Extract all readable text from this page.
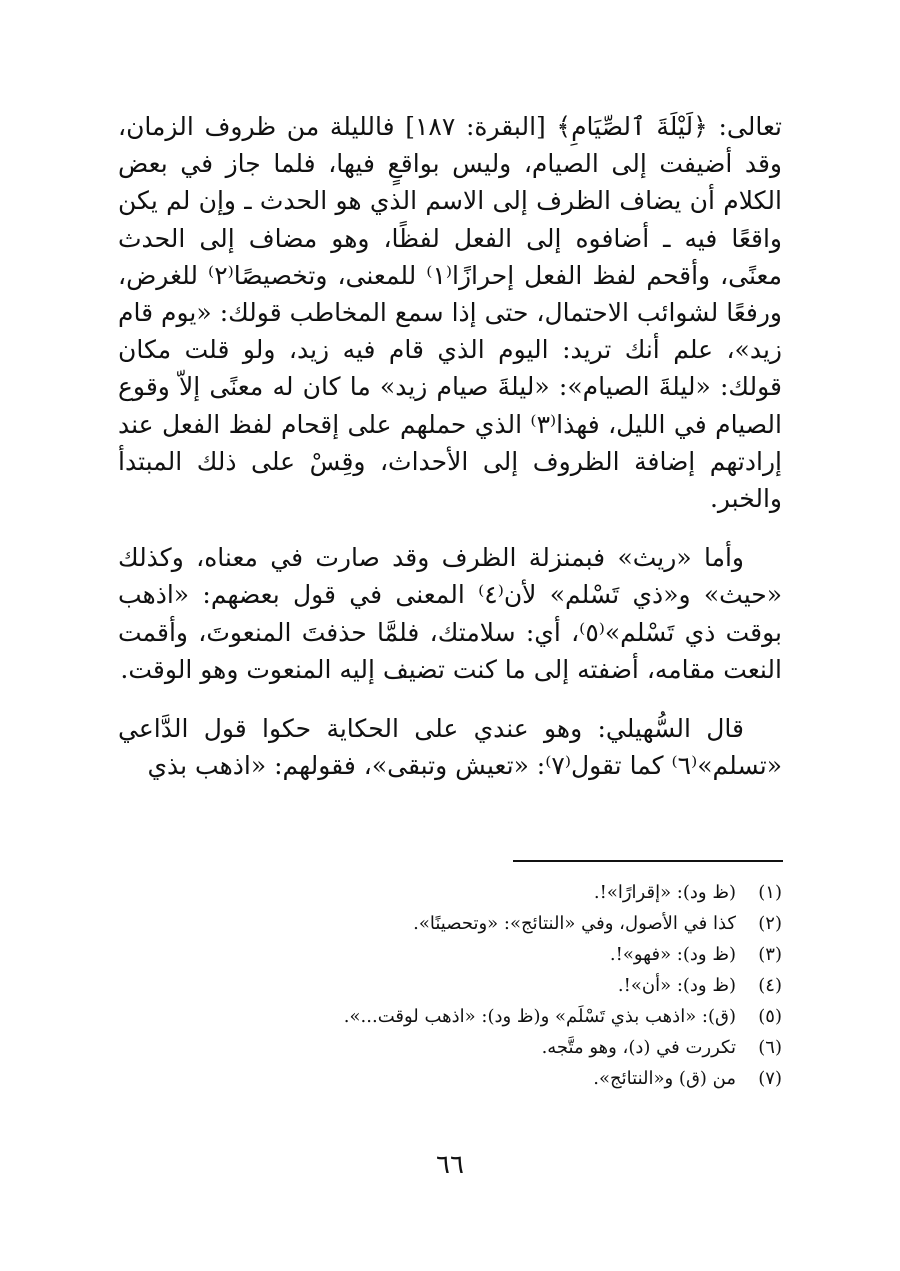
تعالى: ﴿لَيْلَةَ ٱلصِّيَامِ﴾ [البقرة: ١٨٧] فالليلة من ظروف الزمان، وقد أضيفت إلى الصيام، وليس بواقعٍ فيها، فلما جاز في بعض الكلام أن يضاف الظرف إلى الاسم الذي هو الحدث ـ وإن لم يكن واقعًا فيه ـ أضافوه إلى الفعل لفظًا، وهو مضاف إلى الحدث معنًى، وأقحم لفظ الفعل إحرازًا⁽١⁾ للمعنى، وتخصيصًا⁽٢⁾ للغرض، ورفعًا لشوائب الاحتمال، حتى إذا سمع المخاطب قولك: «يوم قام زيد»، علم أنك تريد: اليوم الذي قام فيه زيد، ولو قلت مكان قولك: «ليلةَ الصيام»: «ليلةَ صيام زيد» ما كان له معنًى إلاّ وقوع الصيام في الليل، فهذا⁽٣⁾ الذي حملهم على إقحام لفظ الفعل عند إرادتهم إضافة الظروف إلى الأحداث، وقِسْ على ذلك المبتدأ والخبر.

وأما «ريث» فبمنزلة الظرف وقد صارت في معناه، وكذلك «حيث» و«ذي تَسْلم» لأن⁽٤⁾ المعنى في قول بعضهم: «اذهب بوقت ذي تَسْلم»⁽٥⁾، أي: سلامتك، فلمَّا حذفتَ المنعوتَ، وأقمت النعت مقامه، أضفته إلى ما كنت تضيف إليه المنعوت وهو الوقت.

قال السُّهيلي: وهو عندي على الحكاية حكوا قول الدَّاعي «تسلم»⁽٦⁾ كما تقول⁽٧⁾: «تعيش وتبقى»، فقولهم: «اذهب بذي

(١)
(ظ ود): «إقرارًا»!.
(٢)
كذا في الأصول، وفي «النتائج»: «وتحصينًا».
(٣)
(ظ ود): «فهو»!.
(٤)
(ظ ود): «أن»!.
(٥)
(ق): «اذهب بذي تَسْلَم» و(ظ ود): «اذهب لوقت...».
(٦)
تكررت في (د)، وهو متَّجه.
(٧)
من (ق) و«النتائج».
٦٦
